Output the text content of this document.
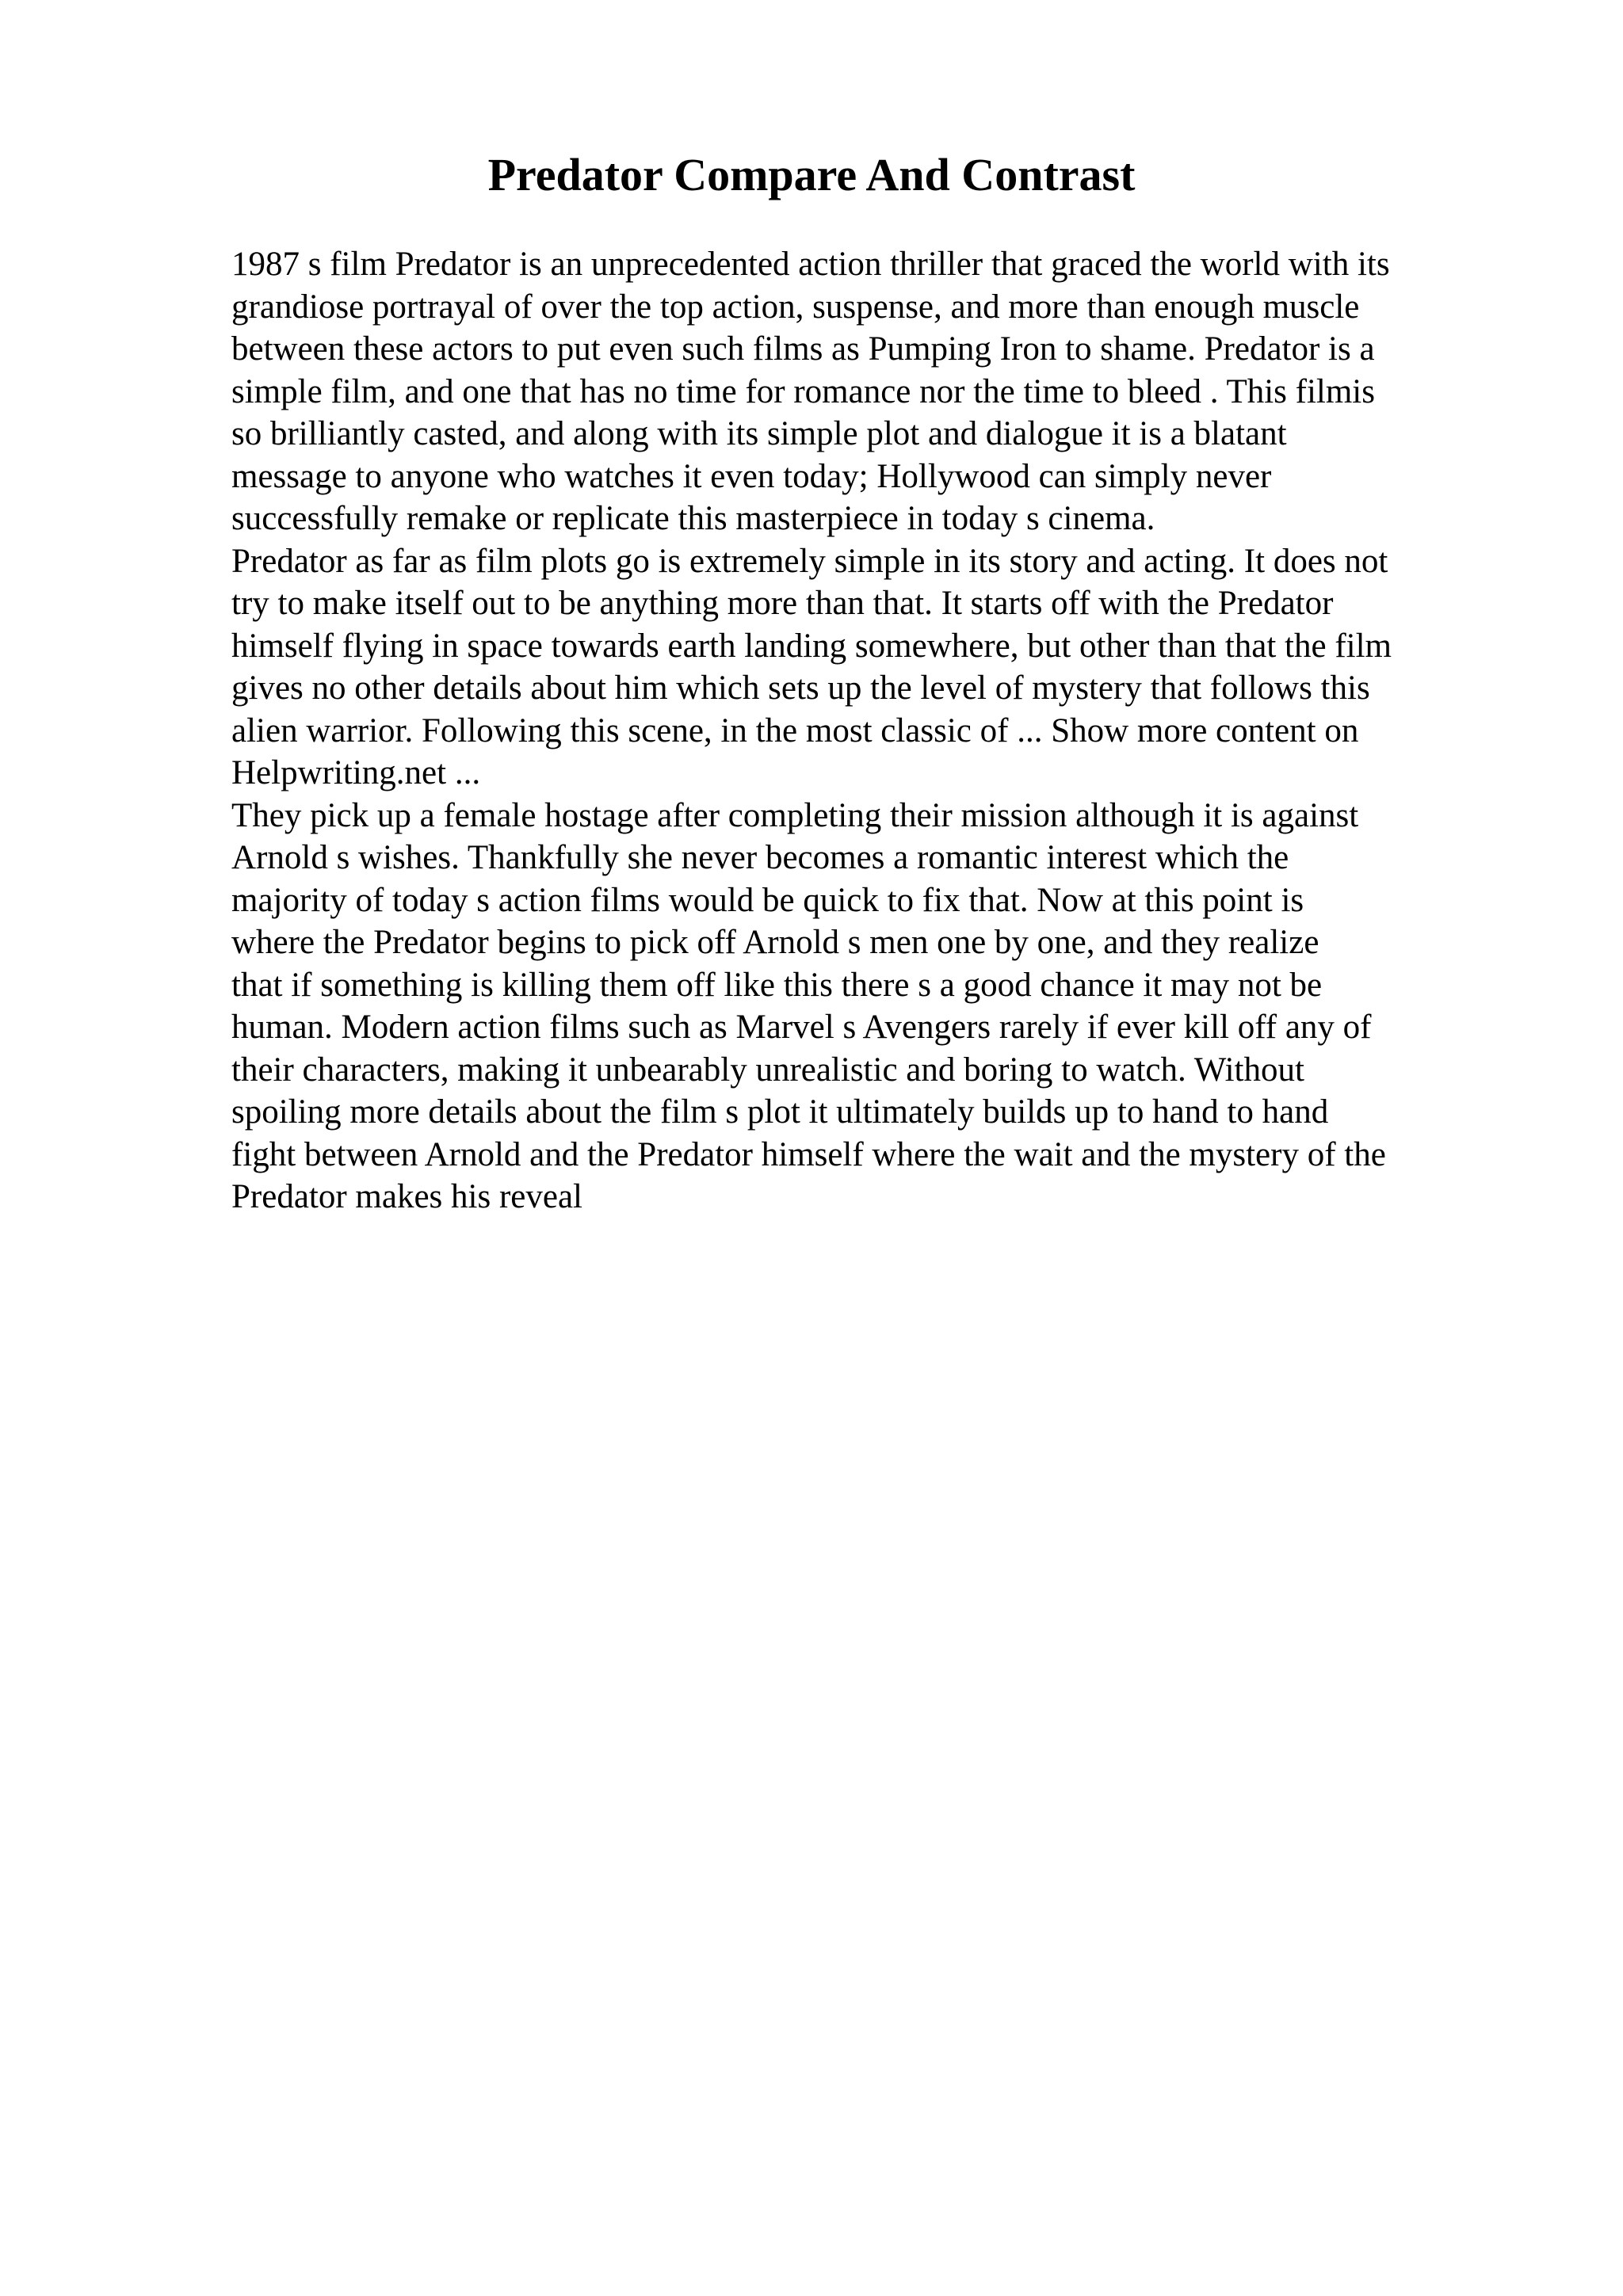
Predator Compare And Contrast
1987 s film Predator is an unprecedented action thriller that graced the world with its
grandiose portrayal of over the top action, suspense, and more than enough muscle
between these actors to put even such films as Pumping Iron to shame. Predator is a
simple film, and one that has no time for romance nor the time to bleed . This filmis
so brilliantly casted, and along with its simple plot and dialogue it is a blatant
message to anyone who watches it even today; Hollywood can simply never
successfully remake or replicate this masterpiece in today s cinema.
Predator as far as film plots go is extremely simple in its story and acting. It does not
try to make itself out to be anything more than that. It starts off with the Predator
himself flying in space towards earth landing somewhere, but other than that the film
gives no other details about him which sets up the level of mystery that follows this
alien warrior. Following this scene, in the most classic of ... Show more content on
Helpwriting.net ...
They pick up a female hostage after completing their mission although it is against
Arnold s wishes. Thankfully she never becomes a romantic interest which the
majority of today s action films would be quick to fix that. Now at this point is
where the Predator begins to pick off Arnold s men one by one, and they realize
that if something is killing them off like this there s a good chance it may not be
human. Modern action films such as Marvel s Avengers rarely if ever kill off any of
their characters, making it unbearably unrealistic and boring to watch. Without
spoiling more details about the film s plot it ultimately builds up to hand to hand
fight between Arnold and the Predator himself where the wait and the mystery of the
Predator makes his reveal
